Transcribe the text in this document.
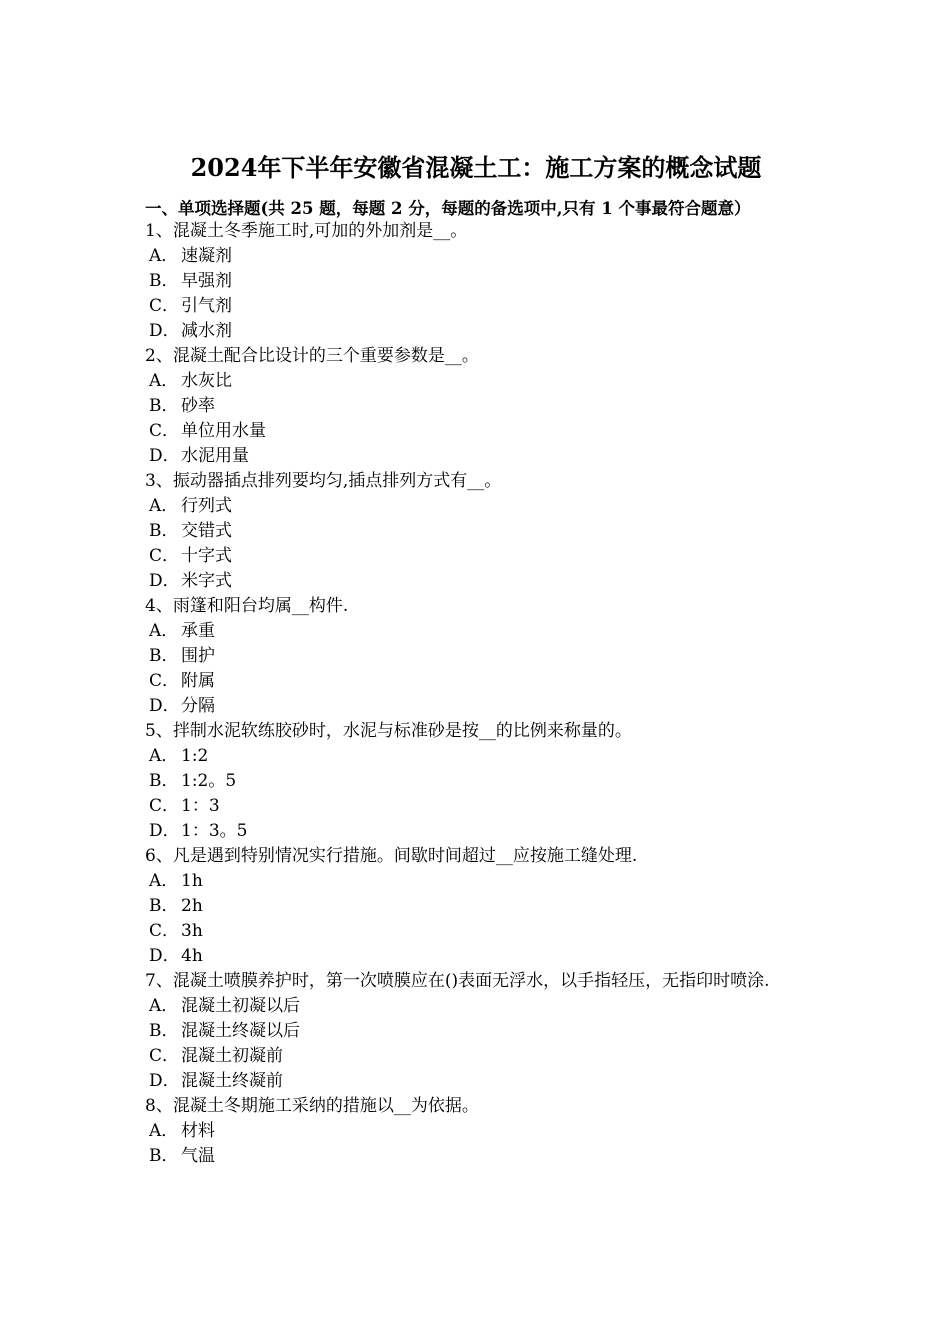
2024年下半年安徽省混凝土工：施工方案的概念试题
一、单项选择题(共 25 题，每题 2 分，每题的备选项中,只有 1 个事最符合题意）
1、混凝土冬季施工时,可加的外加剂是__。
A． 速凝剂
B． 早强剂
C． 引气剂
D．减水剂
2、混凝土配合比设计的三个重要参数是__。
A． 水灰比
B． 砂率
C． 单位用水量
D．水泥用量
3、振动器插点排列要均匀,插点排列方式有__。
A． 行列式
B． 交错式
C． 十字式
D．米字式
4、雨篷和阳台均属__构件.
A． 承重
B． 围护
C． 附属
D．分隔
5、拌制水泥软练胶砂时，水泥与标准砂是按__的比例来称量的。
A． 1:2
B． 1:2。5
C． 1：3
D．1：3。5
6、凡是遇到特别情况实行措施。间歇时间超过__应按施工缝处理.
A． 1h
B． 2h
C． 3h
D．4h
7、混凝土喷膜养护时，第一次喷膜应在()表面无浮水，以手指轻压，无指印时喷涂.
A． 混凝土初凝以后
B． 混凝土终凝以后
C． 混凝土初凝前
D．混凝土终凝前
8、混凝土冬期施工采纳的措施以__为依据。
A． 材料
B． 气温
